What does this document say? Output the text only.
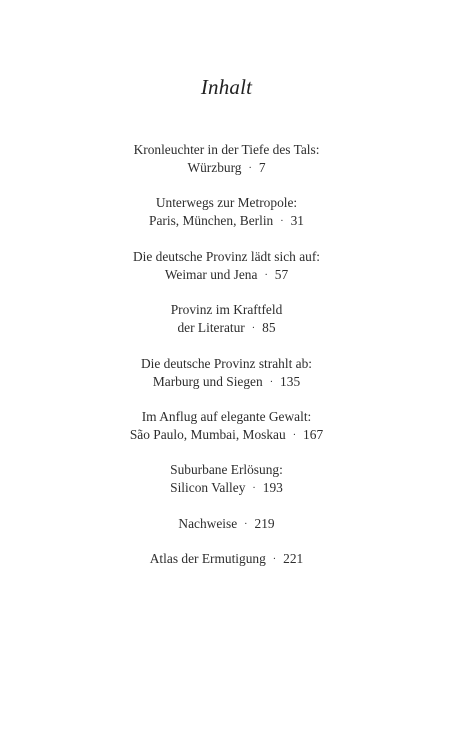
Inhalt
Kronleuchter in der Tiefe des Tals:
Würzburg · 7
Unterwegs zur Metropole:
Paris, München, Berlin · 31
Die deutsche Provinz lädt sich auf:
Weimar und Jena · 57
Provinz im Kraftfeld
der Literatur · 85
Die deutsche Provinz strahlt ab:
Marburg und Siegen · 135
Im Anflug auf elegante Gewalt:
São Paulo, Mumbai, Moskau · 167
Suburbane Erlösung:
Silicon Valley · 193
Nachweise · 219
Atlas der Ermutigung · 221
